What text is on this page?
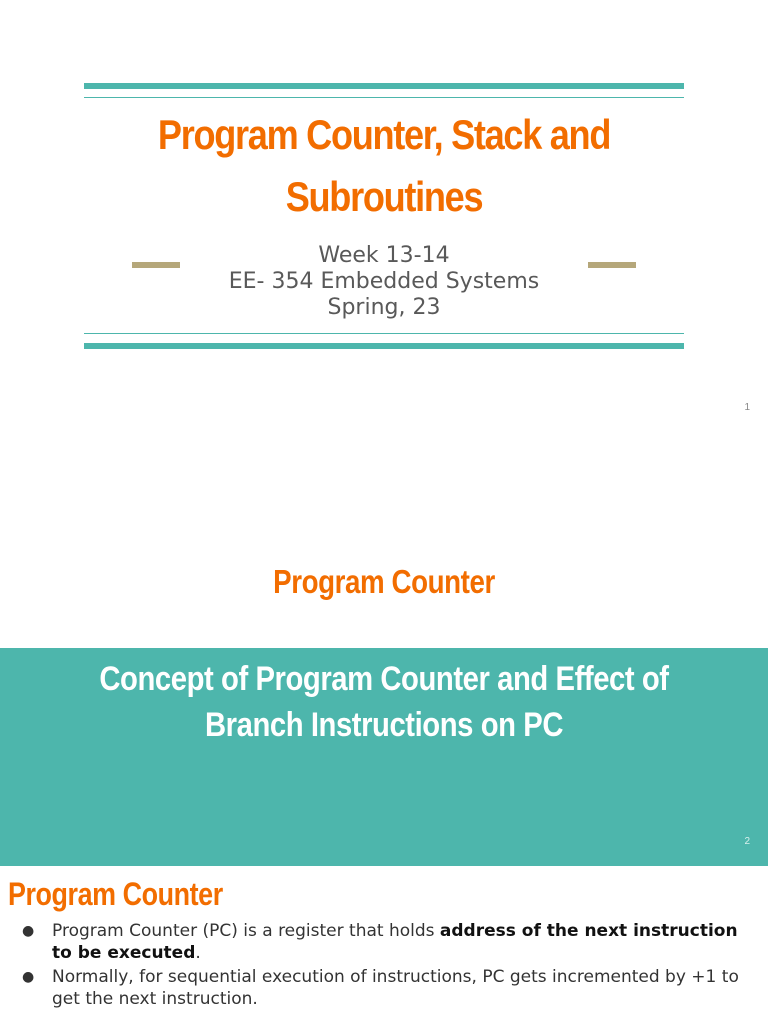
Program Counter, Stack and Subroutines
Week 13-14
EE- 354 Embedded Systems
Spring, 23
1
Program Counter
Concept of Program Counter and Effect of Branch Instructions on PC
2
Program Counter
● Program Counter (PC) is a register that holds address of the next instruction to be executed.
● Normally, for sequential execution of instructions, PC gets incremented by +1 to get the next instruction.
